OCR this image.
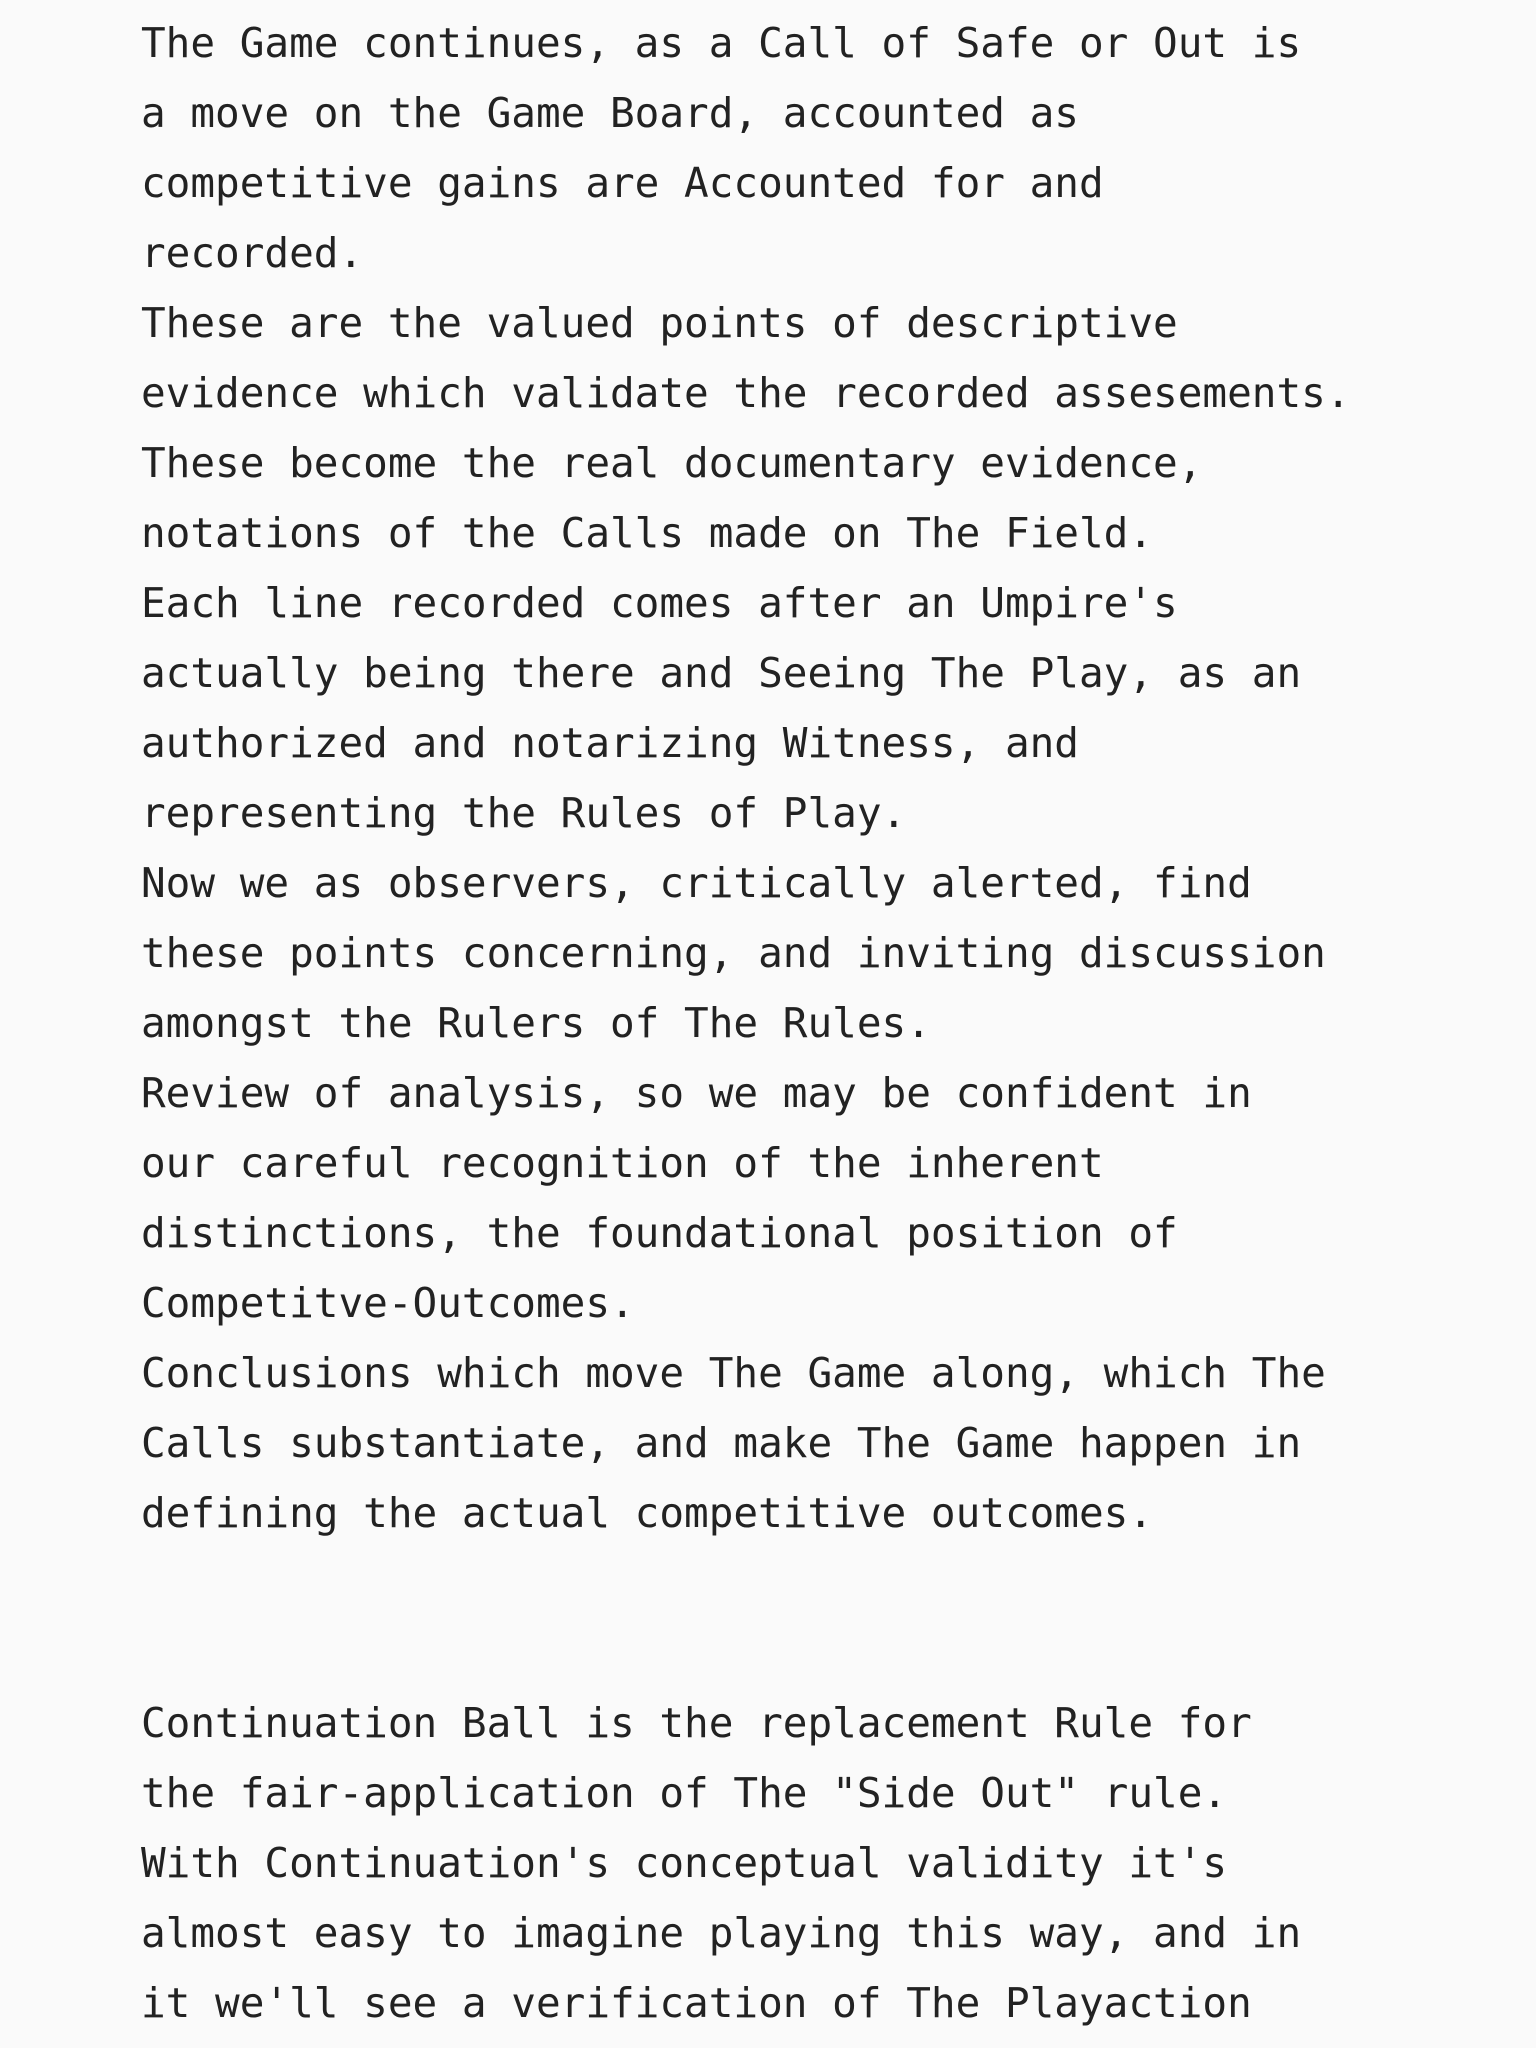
The Game continues, as a Call of Safe or Out is
a move on the Game Board, accounted as
competitive gains are Accounted for and
recorded.
These are the valued points of descriptive
evidence which validate the recorded assesements.
These become the real documentary evidence,
notations of the Calls made on The Field.
Each line recorded comes after an Umpire's
actually being there and Seeing The Play, as an
authorized and notarizing Witness, and
representing the Rules of Play.
Now we as observers, critically alerted, find
these points concerning, and inviting discussion
amongst the Rulers of The Rules.
Review of analysis, so we may be confident in
our careful recognition of the inherent
distinctions, the foundational position of
Competitve-Outcomes.
Conclusions which move The Game along, which The
Calls substantiate, and make The Game happen in
defining the actual competitive outcomes.
Continuation Ball is the replacement Rule for
the fair-application of The "Side Out" rule.
With Continuation's conceptual validity it's
almost easy to imagine playing this way, and in
it we'll see a verification of The Playaction
